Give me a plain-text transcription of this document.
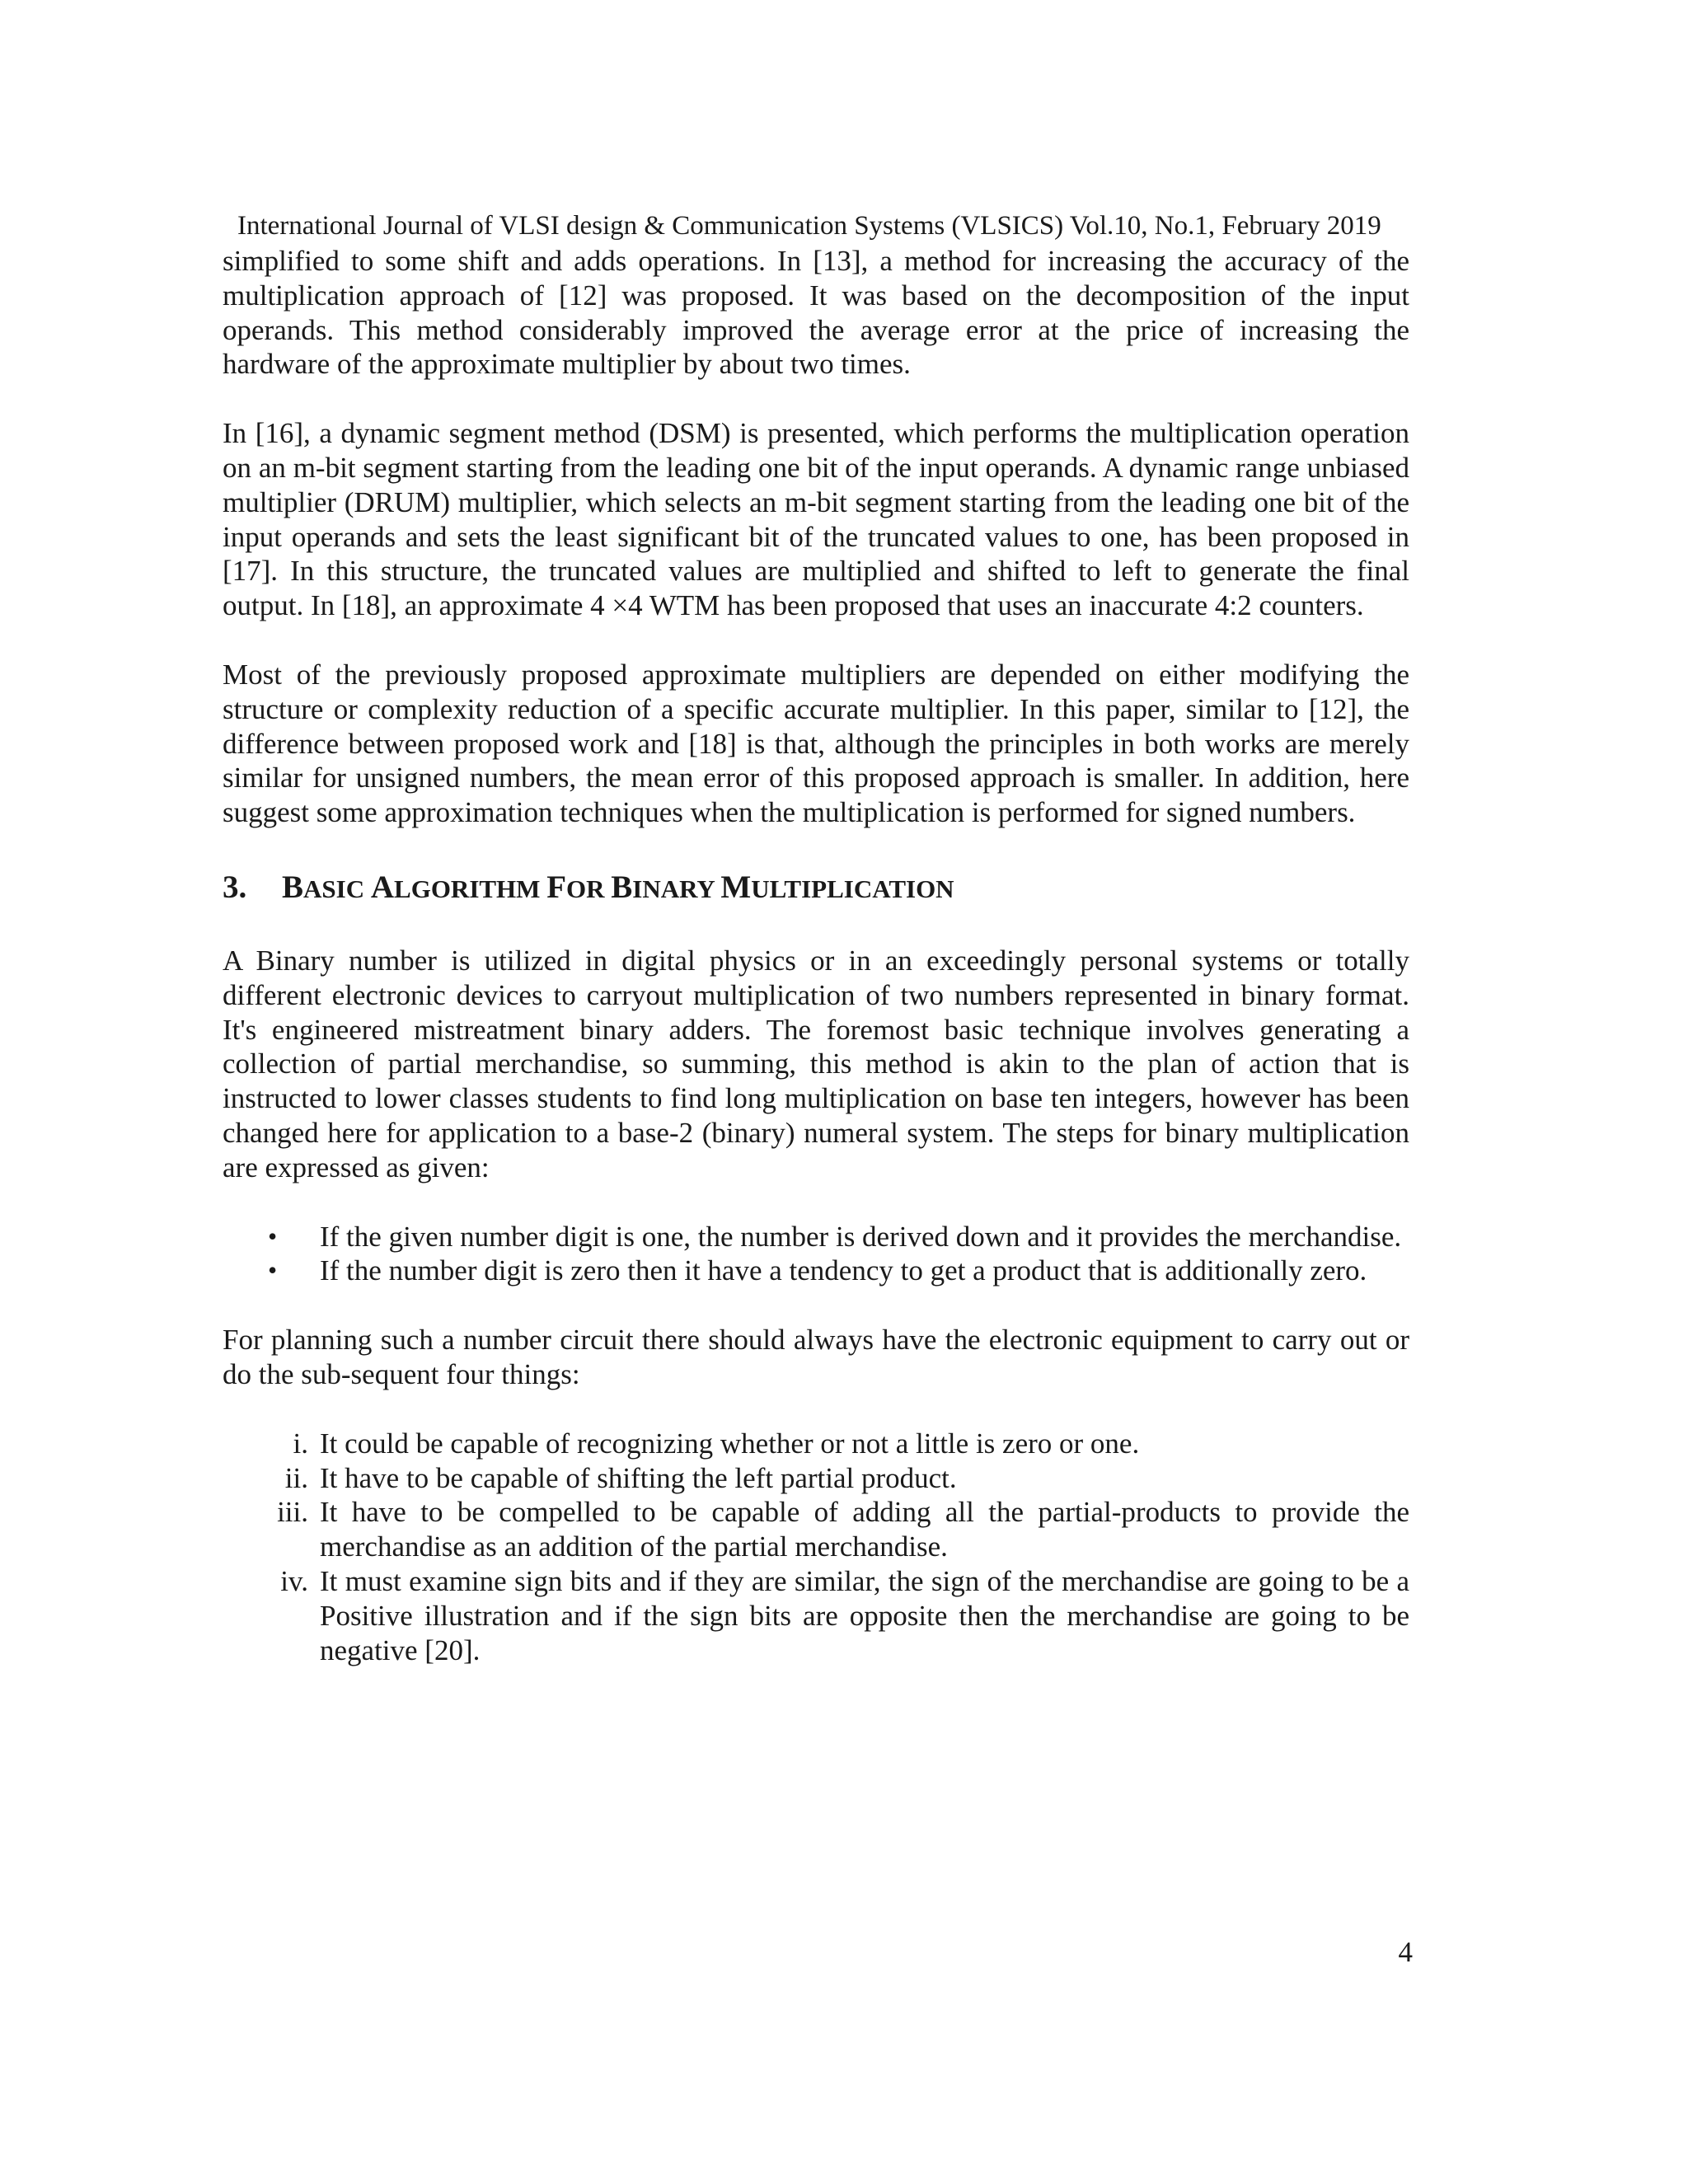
International Journal of VLSI design & Communication Systems (VLSICS) Vol.10, No.1, February 2019

simplified to some shift and adds operations. In [13], a method for increasing the accuracy of the multiplication approach of [12] was proposed. It was based on the decomposition of the input operands. This method considerably improved the average error at the price of increasing the hardware of the approximate multiplier by about two times.

In [16], a dynamic segment method (DSM) is presented, which performs the multiplication operation on an m-bit segment starting from the leading one bit of the input operands. A dynamic range unbiased multiplier (DRUM) multiplier, which selects an m-bit segment starting from the leading one bit of the input operands and sets the least significant bit of the truncated values to one, has been proposed in [17]. In this structure, the truncated values are multiplied and shifted to left to generate the final output. In [18], an approximate 4 ×4 WTM has been proposed that uses an inaccurate 4:2 counters.

Most of the previously proposed approximate multipliers are depended on either modifying the structure or complexity reduction of a specific accurate multiplier. In this paper, similar to [12], the difference between proposed work and [18] is that, although the principles in both works are merely similar for unsigned numbers, the mean error of this proposed approach is smaller. In addition, here suggest some approximation techniques when the multiplication is performed for signed numbers.

3. BASIC ALGORITHM FOR BINARY MULTIPLICATION

A Binary number is utilized in digital physics or in an exceedingly personal systems or totally different electronic devices to carryout multiplication of two numbers represented in binary format. It's engineered mistreatment binary adders. The foremost basic technique involves generating a collection of partial merchandise, so summing, this method is akin to the plan of action that is instructed to lower classes students to find long multiplication on base ten integers, however has been changed here for application to a base-2 (binary) numeral system. The steps for binary multiplication are expressed as given:

• If the given number digit is one, the number is derived down and it provides the merchandise.
• If the number digit is zero then it have a tendency to get a product that is additionally zero.

For planning such a number circuit there should always have the electronic equipment to carry out or do the sub-sequent four things:

i. It could be capable of recognizing whether or not a little is zero or one.
ii. It have to be capable of shifting the left partial product.
iii. It have to be compelled to be capable of adding all the partial-products to provide the merchandise as an addition of the partial merchandise.
iv. It must examine sign bits and if they are similar, the sign of the merchandise are going to be a Positive illustration and if the sign bits are opposite then the merchandise are going to be negative [20].
4
